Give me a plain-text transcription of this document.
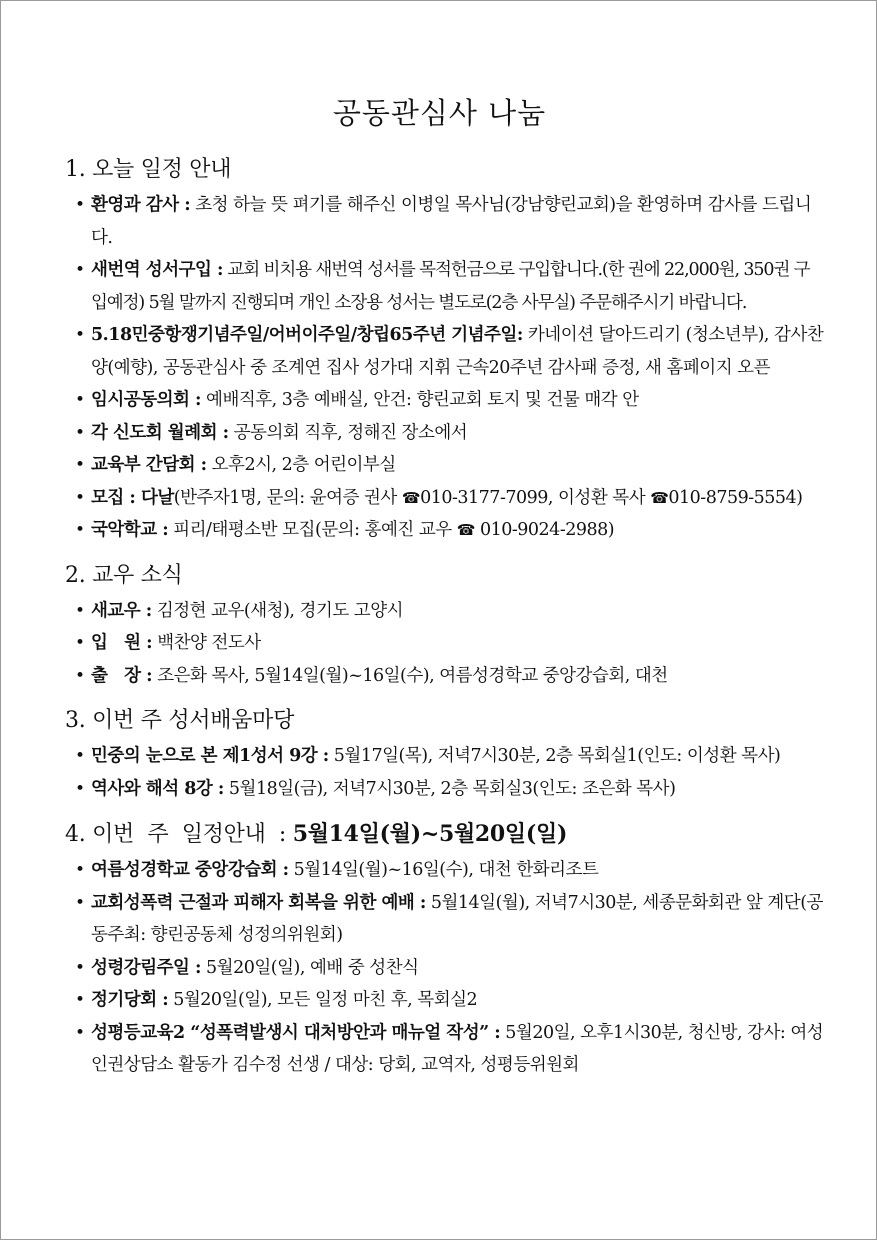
공동관심사 나눔
1. 오늘 일정 안내
• 환영과 감사 : 초청 하늘 뜻 펴기를 해주신 이병일 목사님(강남향린교회)을 환영하며 감사를 드립니다.
• 새번역 성서구입 : 교회 비치용 새번역 성서를 목적헌금으로 구입합니다.(한 권에 22,000원, 350권 구입예정) 5월 말까지 진행되며 개인 소장용 성서는 별도로(2층 사무실) 주문해주시기 바랍니다.
• 5.18민중항쟁기념주일/어버이주일/창립65주년 기념주일: 카네이션 달아드리기 (청소년부), 감사찬양(예향), 공동관심사 중 조계연 집사 성가대 지휘 근속20주년 감사패 증정, 새 홈페이지 오픈
• 임시공동의회 : 예배직후, 3층 예배실, 안건: 향린교회 토지 및 건물 매각 안
• 각 신도회 월례회 : 공동의회 직후, 정해진 장소에서
• 교육부 간담회 : 오후2시, 2층 어린이부실
• 모집 : 다날(반주자1명, 문의: 윤여증 권사 ☎010-3177-7099, 이성환 목사 ☎010-8759-5554)
• 국악학교 : 피리/태평소반 모집(문의: 홍예진 교우 ☎ 010-9024-2988)
2. 교우 소식
• 새교우 : 김정현 교우(새청), 경기도 고양시
• 입   원 : 백찬양 전도사
• 출   장 : 조은화 목사, 5월14일(월)~16일(수), 여름성경학교 중앙강습회, 대천
3. 이번 주 성서배움마당
• 민중의 눈으로 본 제1성서 9강 : 5월17일(목), 저녁7시30분, 2층 목회실1(인도: 이성환 목사)
• 역사와 해석 8강 : 5월18일(금), 저녁7시30분, 2층 목회실3(인도: 조은화 목사)
4. 이번  주  일정안내  : 5월14일(월)~5월20일(일)
• 여름성경학교 중앙강습회 : 5월14일(월)~16일(수), 대천 한화리조트
• 교회성폭력 근절과 피해자 회복을 위한 예배 : 5월14일(월), 저녁7시30분, 세종문화회관 앞 계단(공동주최: 향린공동체 성정의위원회)
• 성령강림주일 : 5월20일(일), 예배 중 성찬식
• 정기당회 : 5월20일(일), 모든 일정 마친 후, 목회실2
• 성평등교육2 “성폭력발생시 대처방안과 매뉴얼 작성” : 5월20일, 오후1시30분, 청신방, 강사: 여성인권상담소 활동가 김수정 선생 / 대상: 당회, 교역자, 성평등위원회
